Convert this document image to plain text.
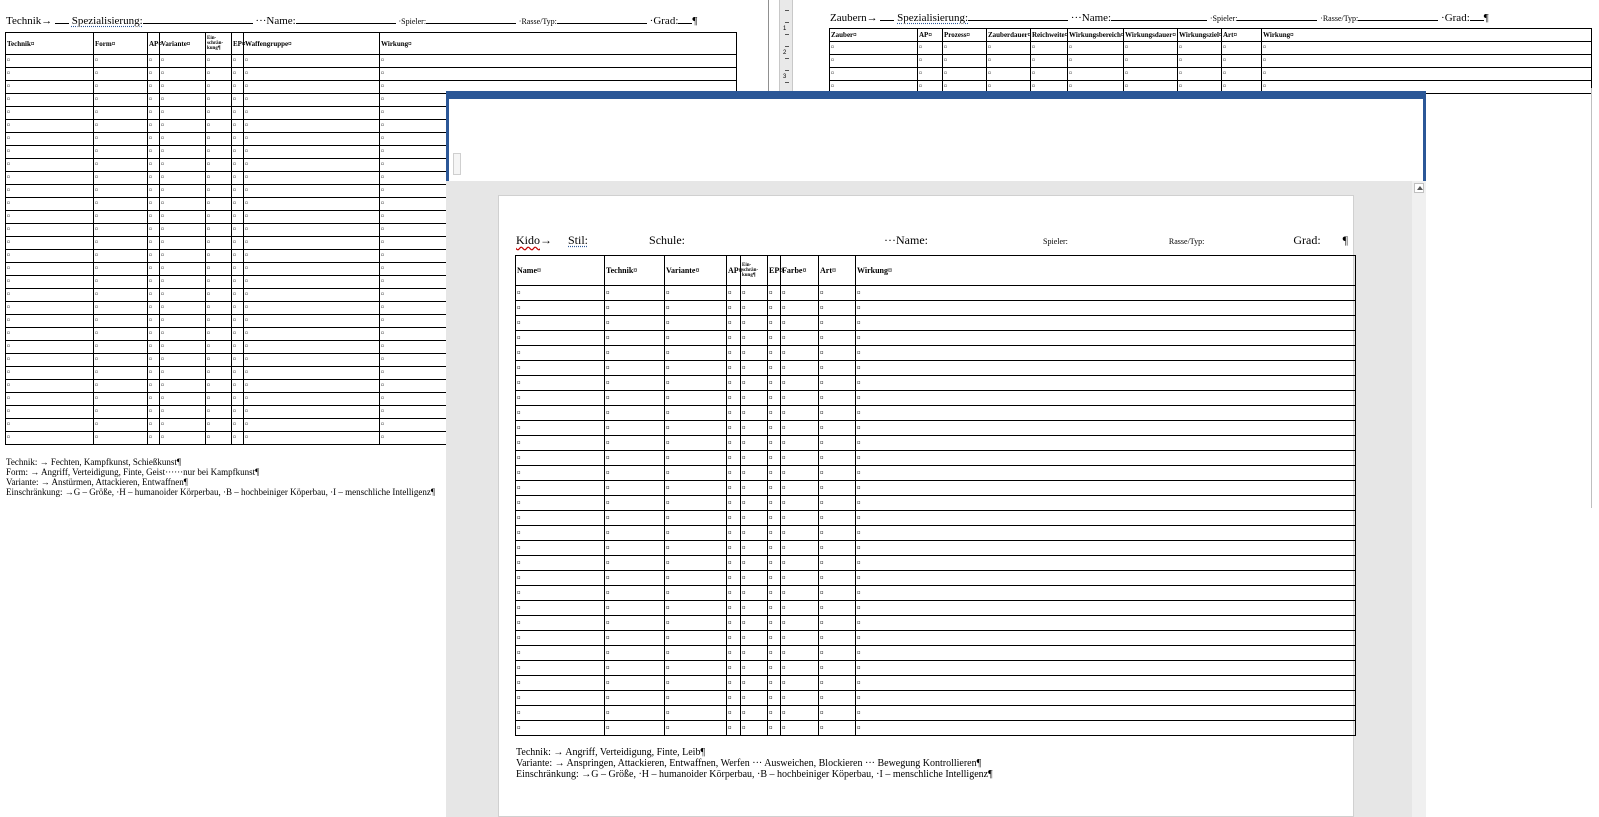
Technik→ Spezialisierung:	···Name:	·Spieler:	·Rasse/Typ:	·Grad: ¶
Technik¤	Form¤	AP¤	Variante¤	Ein-schrän-kung¶	EP¤	Waffengruppe¤	Wirkung¤
¤	¤	¤	¤	¤	¤	¤	¤
¤	¤	¤	¤	¤	¤	¤	¤
¤	¤	¤	¤	¤	¤	¤	¤
¤	¤	¤	¤	¤	¤	¤	¤
¤	¤	¤	¤	¤	¤	¤	¤
¤	¤	¤	¤	¤	¤	¤	¤
¤	¤	¤	¤	¤	¤	¤	¤
¤	¤	¤	¤	¤	¤	¤	¤
¤	¤	¤	¤	¤	¤	¤	¤
¤	¤	¤	¤	¤	¤	¤	¤
¤	¤	¤	¤	¤	¤	¤	¤
¤	¤	¤	¤	¤	¤	¤	¤
¤	¤	¤	¤	¤	¤	¤	¤
¤	¤	¤	¤	¤	¤	¤	¤
¤	¤	¤	¤	¤	¤	¤	¤
¤	¤	¤	¤	¤	¤	¤	¤
¤	¤	¤	¤	¤	¤	¤	¤
¤	¤	¤	¤	¤	¤	¤	¤
¤	¤	¤	¤	¤	¤	¤	¤
¤	¤	¤	¤	¤	¤	¤	¤
¤	¤	¤	¤	¤	¤	¤	¤
¤	¤	¤	¤	¤	¤	¤	¤
¤	¤	¤	¤	¤	¤	¤	¤
¤	¤	¤	¤	¤	¤	¤	¤
¤	¤	¤	¤	¤	¤	¤	¤
¤	¤	¤	¤	¤	¤	¤	¤
¤	¤	¤	¤	¤	¤	¤	¤
¤	¤	¤	¤	¤	¤	¤	¤
¤	¤	¤	¤	¤	¤	¤	¤
¤	¤	¤	¤	¤	¤	¤	¤
Technik: → Fechten, Kampfkunst, Schießkunst¶
Form: → Angriff, Verteidigung, Finte, Geist······nur bei Kampfkunst¶
Variante: → Anstürmen, Attackieren, Entwaffnen¶
Einschränkung: →G – Größe, ·H – humanoider Körperbau, ·B – hochbeiniger Köperbau, ·I – menschliche Intelligenz¶
1
2
3
Zaubern→ Spezialisierung:	···Name:	·Spieler:	·Rasse/Typ:	·Grad: ¶
Zauber¤	AP¤	Prozess¤	Zauberdauer¤	Reichweite¤	Wirkungsbereich¤	Wirkungsdauer¤	Wirkungsziel¤	Art¤	Wirkung¤
¤	¤	¤	¤	¤	¤	¤	¤	¤	¤
¤	¤	¤	¤	¤	¤	¤	¤	¤	¤
¤	¤	¤	¤	¤	¤	¤	¤	¤	¤
¤	¤	¤	¤	¤	¤	¤	¤	¤	¤
Kido→ Stil:	Schule:	···Name:	Spieler:	Rasse/Typ:	Grad: ¶
Name¤	Technik¤	Variante¤	AP¤	Ein-schrän-kung¶	EP¤	Farbe¤	Art¤	Wirkung¤
¤	¤	¤	¤	¤	¤	¤	¤	¤
¤	¤	¤	¤	¤	¤	¤	¤	¤
¤	¤	¤	¤	¤	¤	¤	¤	¤
¤	¤	¤	¤	¤	¤	¤	¤	¤
¤	¤	¤	¤	¤	¤	¤	¤	¤
¤	¤	¤	¤	¤	¤	¤	¤	¤
¤	¤	¤	¤	¤	¤	¤	¤	¤
¤	¤	¤	¤	¤	¤	¤	¤	¤
¤	¤	¤	¤	¤	¤	¤	¤	¤
¤	¤	¤	¤	¤	¤	¤	¤	¤
¤	¤	¤	¤	¤	¤	¤	¤	¤
¤	¤	¤	¤	¤	¤	¤	¤	¤
¤	¤	¤	¤	¤	¤	¤	¤	¤
¤	¤	¤	¤	¤	¤	¤	¤	¤
¤	¤	¤	¤	¤	¤	¤	¤	¤
¤	¤	¤	¤	¤	¤	¤	¤	¤
¤	¤	¤	¤	¤	¤	¤	¤	¤
¤	¤	¤	¤	¤	¤	¤	¤	¤
¤	¤	¤	¤	¤	¤	¤	¤	¤
¤	¤	¤	¤	¤	¤	¤	¤	¤
¤	¤	¤	¤	¤	¤	¤	¤	¤
¤	¤	¤	¤	¤	¤	¤	¤	¤
¤	¤	¤	¤	¤	¤	¤	¤	¤
¤	¤	¤	¤	¤	¤	¤	¤	¤
¤	¤	¤	¤	¤	¤	¤	¤	¤
¤	¤	¤	¤	¤	¤	¤	¤	¤
¤	¤	¤	¤	¤	¤	¤	¤	¤
¤	¤	¤	¤	¤	¤	¤	¤	¤
¤	¤	¤	¤	¤	¤	¤	¤	¤
¤	¤	¤	¤	¤	¤	¤	¤	¤
Technik: → Angriff, Verteidigung, Finte, Leib¶
Variante: → Anspringen, Attackieren, Entwaffnen, Werfen ··· Ausweichen, Blockieren ··· Bewegung Kontrollieren¶
Einschränkung: →G – Größe, ·H – humanoider Körperbau, ·B – hochbeiniger Köperbau, ·I – menschliche Intelligenz¶
